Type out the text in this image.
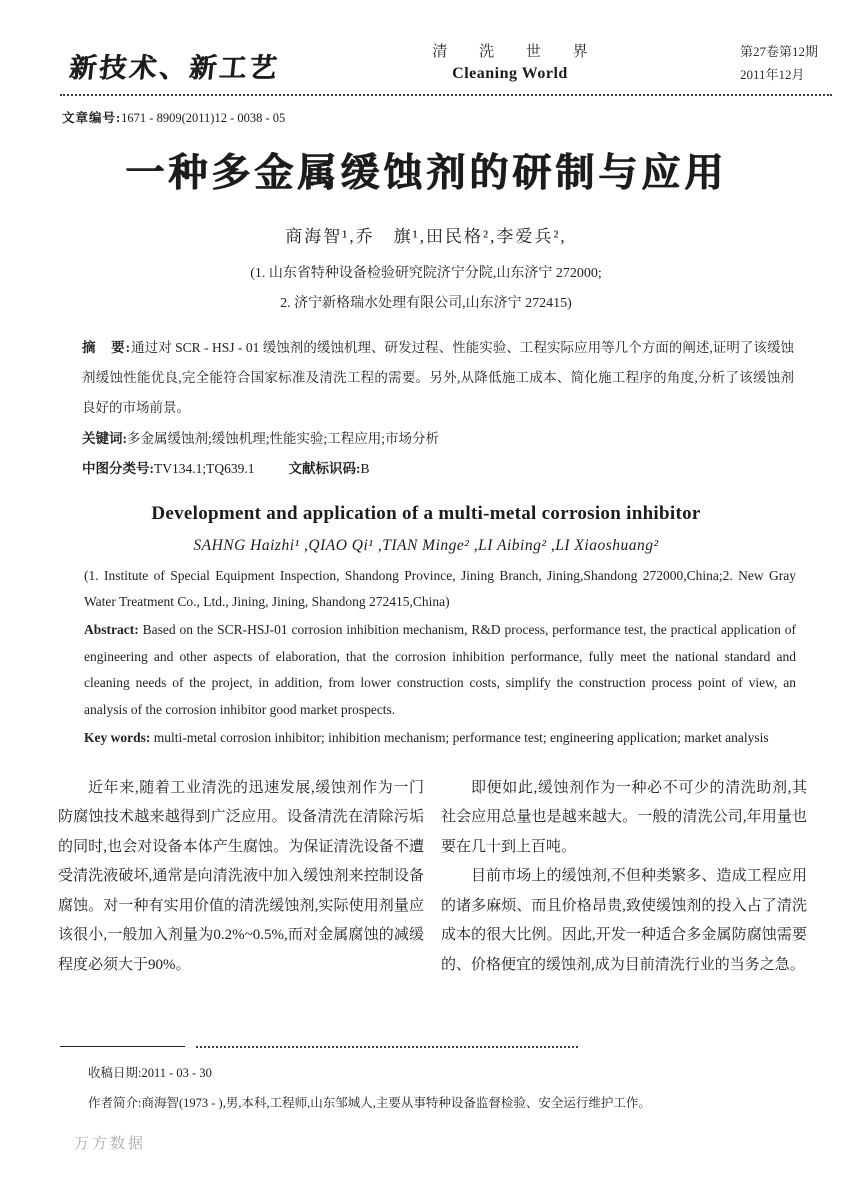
新技术、新工艺
清 洗 世 界
Cleaning World
第27卷第12期
2011年12月
文章编号:1671 - 8909(2011)12 - 0038 - 05
一种多金属缓蚀剂的研制与应用
商海智¹,乔　旗¹,田民格²,李爱兵²,
(1. 山东省特种设备检验研究院济宁分院,山东济宁 272000;
2. 济宁新格瑞水处理有限公司,山东济宁 272415)
摘　要:通过对 SCR - HSJ - 01 缓蚀剂的缓蚀机理、研发过程、性能实验、工程实际应用等几个方面的阐述,证明了该缓蚀剂缓蚀性能优良,完全能符合国家标准及清洗工程的需要。另外,从降低施工成本、简化施工程序的角度,分析了该缓蚀剂良好的市场前景。
关键词:多金属缓蚀剂;缓蚀机理;性能实验;工程应用;市场分析
中图分类号:TV134.1;TQ639.1	文献标识码:B
Development and application of a multi-metal corrosion inhibitor
SAHNG Haizhi¹ ,QIAO Qi¹ ,TIAN Minge² ,LI Aibing² ,LI Xiaoshuang²
(1. Institute of Special Equipment Inspection, Shandong Province, Jining Branch, Jining,Shandong 272000,China;2. New Gray Water Treatment Co., Ltd., Jining, Jining, Shandong 272415,China)
Abstract: Based on the SCR-HSJ-01 corrosion inhibition mechanism, R&D process, performance test, the practical application of engineering and other aspects of elaboration, that the corrosion inhibition performance, fully meet the national standard and cleaning needs of the project, in addition, from lower construction costs, simplify the construction process point of view, an analysis of the corrosion inhibitor good market prospects.
Key words: multi-metal corrosion inhibitor; inhibition mechanism; performance test; engineering application; market analysis

近年来,随着工业清洗的迅速发展,缓蚀剂作为一门防腐蚀技术越来越得到广泛应用。设备清洗在清除污垢的同时,也会对设备本体产生腐蚀。为保证清洗设备不遭受清洗液破坏,通常是向清洗液中加入缓蚀剂来控制设备腐蚀。对一种有实用价值的清洗缓蚀剂,实际使用剂量应该很小,一般加入剂量为0.2%~0.5%,而对金属腐蚀的减缓程度必须大于90%。

即便如此,缓蚀剂作为一种必不可少的清洗助剂,其社会应用总量也是越来越大。一般的清洗公司,年用量也要在几十到上百吨。

目前市场上的缓蚀剂,不但种类繁多、造成工程应用的诸多麻烦、而且价格昂贵,致使缓蚀剂的投入占了清洗成本的很大比例。因此,开发一种适合多金属防腐蚀需要的、价格便宜的缓蚀剂,成为目前清洗行业的当务之急。

收稿日期:2011 - 03 - 30
作者简介:商海智(1973 - ),男,本科,工程师,山东邹城人,主要从事特种设备监督检验、安全运行维护工作。
万方数据
